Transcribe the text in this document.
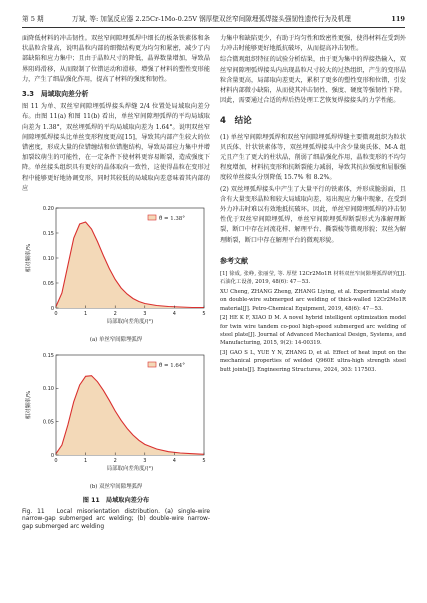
第 5 期	万斌, 等: 加氢反应器 2.25Cr-1Mo-0.25V 钢厚壁双丝窄间隙埋弧焊接头强韧性遗传行为及机理	119

面降低材料的冲击韧性。双丝窄间隙埋弧焊中细长的板条铁素体和条状晶粒含量高，说明晶粒内部的细微结构更为均匀和紧密，减少了内部缺陷和应力集中；且由于晶粒尺寸的降低，晶界数量增加，导致晶界阻碍滑移，从而限制了位错运动和滑移，增强了材料的塑性变形能力，产生了细晶强化作用，提高了材料的强度和韧性。

3.3　局域取向差分析

图 11 为单、双丝窄间隙埋弧焊接头焊缝 2/4 位置处局域取向差分布。由图 11(a) 和图 11(b) 看出，单丝窄间隙埋弧焊的平均局域取向差为 1.38°，双丝埋弧焊的平均局域取向差为 1.64°。说明双丝窄间隙埋弧焊接头比单丝变形程度更高[15]，导致其内部产生较大的位错密度，形成大量的位错缠结和位错胞结构，导致局部应力集中并增加裂纹萌生的可能性，在一定条件下使材料更容易断裂，造成强度下降。单丝接头组织具有更好的晶体取向一致性，这使得晶粒在变形过程中能够更好地协调变形，同时其较低的局域取向差意味着其内部的应

0	1	2	3	4	5
0
0.05
0.10
0.15
0.20
局部取向差角度/(°)
相对频率/%
θ̄ = 1.38°
(a) 单丝窄间隙埋弧焊
0	1	2	3	4	5
0
0.05
0.10
0.15
局部取向差角度/(°)
相对频率/%
θ̄ = 1.64°
(b) 双丝窄间隙埋弧焊
图 11　局域取向差分布

Fig. 11　Local misorientation distribution. (a) single-wire narrow-gap submerged arc welding; (b) double-wire narrow-gap submerged arc welding

力集中和缺陷更少，有助于均匀性和致密性更强，使得材料在受到外力冲击时能够更好地抵抗破坏，从而提高冲击韧性。

综合微观组织特征的试验分析结果，由于更为集中的焊接热输入，双丝窄间隙埋弧焊接头内出现晶粒尺寸较大的过热组织，产生的变形晶粒含量更高，局部取向差更大，累积了更多的塑性变形和位错，引发材料内部微小缺陷，从而使其冲击韧性、强度、硬度等强韧性下降。因此，需要通过合适的焊后热处理工艺恢复焊接接头的力学性能。

4　结论

(1) 单丝窄间隙埋弧焊和双丝窄间隙埋弧焊焊缝主要微观组织为粒状贝氏体、针状铁素体等，双丝埋弧焊接头中含少量奥氏体、M-A 组元且产生了更大的柱状晶，削弱了细晶强化作用，晶粒变形的不均匀程度增加，材料抗变形和抗断裂能力减弱，导致其抗拉强度和屈服强度较单丝接头分别降低 15.7% 和 8.2%。

(2) 双丝埋弧焊接头中产生了大量平行的铁素体，并形成脆弱面，且含有大量变形晶粒和较大局域取向差，易出现应力集中现象，在受到外力冲击时难以有效地抵抗破坏。因此，单丝窄间隙埋弧焊的冲击韧性优于双丝窄间隙埋弧焊，单丝窄间隙埋弧焊断裂形式为准解理断裂，断口中存在河流花样、解理平台、撕裂棱等微观形貌；双丝为解理断裂，断口中存在解理平台的微观形貌。

参考文献

[1] 徐成, 张峥, 张丽莹, 等. 厚壁 12Cr2Mo1R 材料双丝窄间隙埋弧焊研究[J]. 石油化工设备, 2019, 48(6): 47－53.

XU Cheng, ZHANG Zheng, ZHANG Liying, et al. Experimental study on double-wire submerged arc welding of thick-walled 12Cr2Mo1R material[J]. Petro-Chemical Equipment, 2019, 48(6): 47－53.

[2] HE K F, XIAO D M. A novel hybrid intelligent optimization model for twin wire tandem co-pool high-speed submerged arc welding of steel plate[J]. Journal of Advanced Mechanical Design, Systems, and Manufacturing, 2015, 9(2): 14-00319.

[3] GAO S L, YUE Y N, ZHANG D, et al. Effect of heat input on the mechanical properties of welded Q960E ultra-high strength steel butt joints[J]. Engineering Structures, 2024, 303: 117503.
